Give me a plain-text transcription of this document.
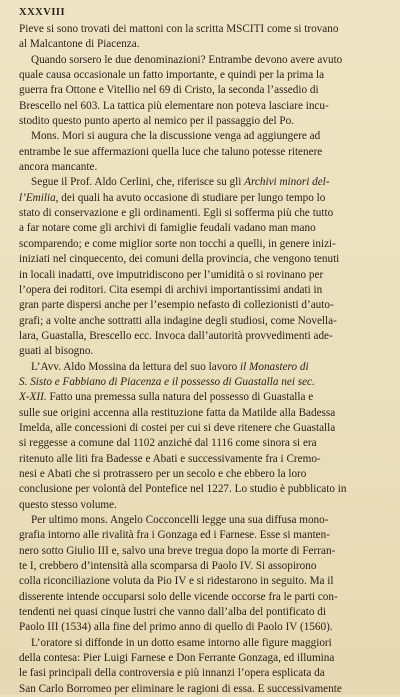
XXXVIII
Pieve si sono trovati dei mattoni con la scritta MSCITI come si trovano
al Malcantone di Piacenza.
Quando sorsero le due denominazioni? Entrambe devono avere avuto
quale causa occasionale un fatto importante, e quindi per la prima la
guerra fra Ottone e Vitellio nel 69 di Cristo, la seconda l’assedio di
Brescello nel 603. La tattica più elementare non poteva lasciare incu-
stodito questo punto aperto al nemico per il passaggio del Po.
Mons. Mori si augura che la discussione venga ad aggiungere ad
entrambe le sue affermazioni quella luce che taluno potesse ritenere
ancora mancante.
Segue il Prof. Aldo Cerlini, che, riferisce su gli Archivi minori del-
l’Emilia, dei quali ha avuto occasione di studiare per lungo tempo lo
stato di conservazione e gli ordinamenti. Egli si sofferma più che tutto
a far notare come gli archivi di famiglie feudali vadano man mano
scomparendo; e come miglior sorte non tocchi a quelli, in genere inizi-
iniziati nel cinquecento, dei comuni della provincia, che vengono tenuti
in locali inadatti, ove imputridiscono per l’umidità o si rovinano per
l’opera dei roditori. Cita esempi di archivi importantissimi andati in
gran parte dispersi anche per l’esempio nefasto di collezionisti d’auto-
grafi; a volte anche sottratti alla indagine degli studiosi, come Novella-
lara, Guastalla, Brescello ecc. Invoca dall’autorità provvedimenti ade-
guati al bisogno.
L’Avv. Aldo Mossina da lettura del suo lavoro il Monastero di
S. Sisto e Fabbiano di Piacenza e il possesso di Guastalla nei sec.
X-XII. Fatto una premessa sulla natura del possesso di Guastalla e
sulle sue origini accenna alla restituzione fatta da Matilde alla Badessa
Imelda, alle concessioni di costei per cui si deve ritenere che Guastalla
si reggesse a comune dal 1102 anziché dal 1116 come sinora si era
ritenuto alle liti fra Badesse e Abati e successivamente fra i Cremo-
nesi e Abati che si protrassero per un secolo e che ebbero la loro
conclusione per volontà del Pontefice nel 1227. Lo studio è pubblicato in
questo stesso volume.
Per ultimo mons. Angelo Cocconcelli legge una sua diffusa mono-
grafia intorno alle rivalità fra i Gonzaga ed i Farnese. Esse si manten-
nero sotto Giulio III e, salvo una breve tregua dopo la morte di Ferran-
te I, crebbero d’intensità alla scomparsa di Paolo IV. Si assopirono
colla riconciliazione voluta da Pio IV e si ridestarono in seguito. Ma il
disserente intende occuparsi solo delle vicende occorse fra le parti con-
tendenti nei quasi cinque lustri che vanno dall’alba del pontificato di
Paolo III (1534) alla fine del primo anno di quello di Paolo IV (1560).
L’oratore si diffonde in un dotto esame intorno alle figure maggiori
della contesa: Pier Luigi Farnese e Don Ferrante Gonzaga, ed illumina
le fasi principali della controversia e più innanzi l’opera esplicata da
San Carlo Borromeo per eliminare le ragioni di essa. E successivamente
